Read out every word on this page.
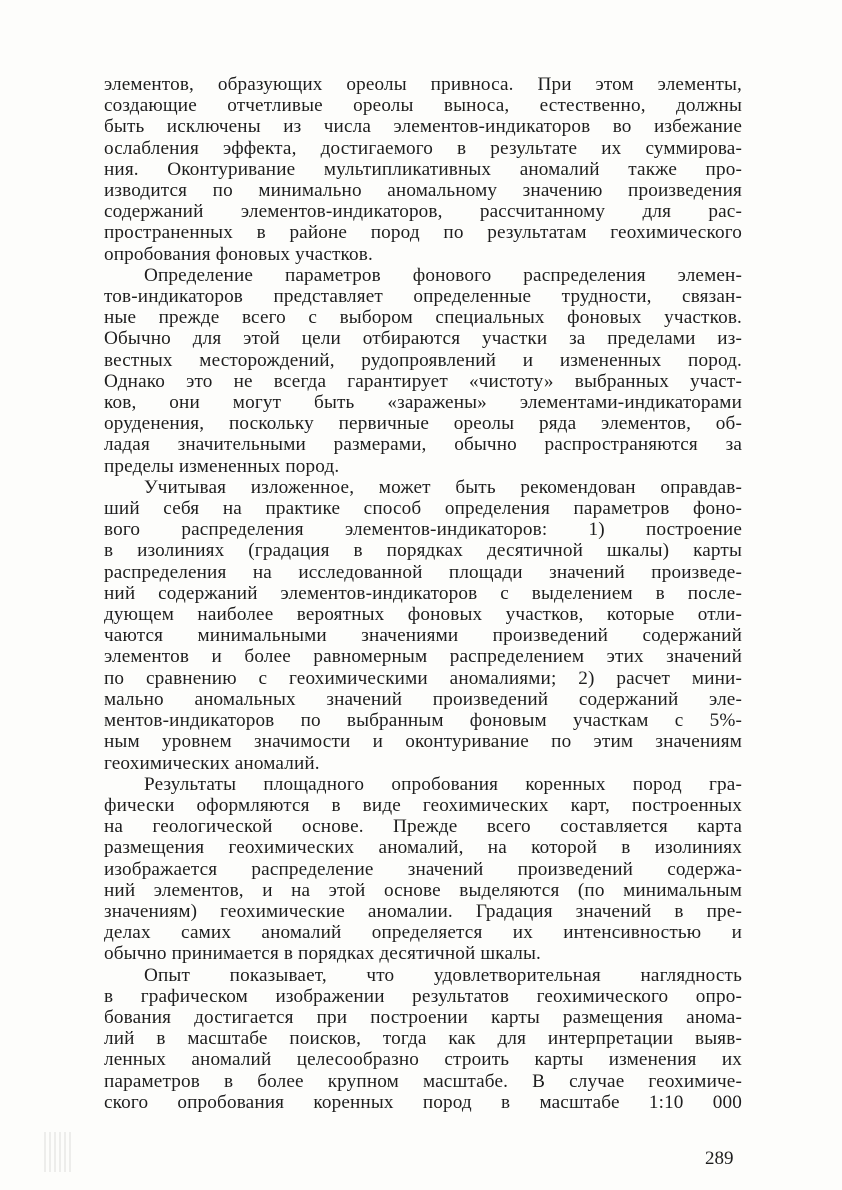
элементов, образующих ореолы привноса. При этом элементы,
создающие отчетливые ореолы выноса, естественно, должны
быть исключены из числа элементов-индикаторов во избежание
ослабления эффекта, достигаемого в результате их суммирова-
ния. Оконтуривание мультипликативных аномалий также про-
изводится по минимально аномальному значению произведения
содержаний элементов-индикаторов, рассчитанному для рас-
пространенных в районе пород по результатам геохимического
опробования фоновых участков.
Определение параметров фонового распределения элемен-
тов-индикаторов представляет определенные трудности, связан-
ные прежде всего с выбором специальных фоновых участков.
Обычно для этой цели отбираются участки за пределами из-
вестных месторождений, рудопроявлений и измененных пород.
Однако это не всегда гарантирует «чистоту» выбранных участ-
ков, они могут быть «заражены» элементами-индикаторами
оруденения, поскольку первичные ореолы ряда элементов, об-
ладая значительными размерами, обычно распространяются за
пределы измененных пород.
Учитывая изложенное, может быть рекомендован оправдав-
ший себя на практике способ определения параметров фоно-
вого распределения элементов-индикаторов: 1) построение
в изолиниях (градация в порядках десятичной шкалы) карты
распределения на исследованной площади значений произведе-
ний содержаний элементов-индикаторов с выделением в после-
дующем наиболее вероятных фоновых участков, которые отли-
чаются минимальными значениями произведений содержаний
элементов и более равномерным распределением этих значений
по сравнению с геохимическими аномалиями; 2) расчет мини-
мально аномальных значений произведений содержаний эле-
ментов-индикаторов по выбранным фоновым участкам с 5%-
ным уровнем значимости и оконтуривание по этим значениям
геохимических аномалий.
Результаты площадного опробования коренных пород гра-
фически оформляются в виде геохимических карт, построенных
на геологической основе. Прежде всего составляется карта
размещения геохимических аномалий, на которой в изолиниях
изображается распределение значений произведений содержа-
ний элементов, и на этой основе выделяются (по минимальным
значениям) геохимические аномалии. Градация значений в пре-
делах самих аномалий определяется их интенсивностью и
обычно принимается в порядках десятичной шкалы.
Опыт показывает, что удовлетворительная наглядность
в графическом изображении результатов геохимического опро-
бования достигается при построении карты размещения анома-
лий в масштабе поисков, тогда как для интерпретации выяв-
ленных аномалий целесообразно строить карты изменения их
параметров в более крупном масштабе. В случае геохимиче-
ского опробования коренных пород в масштабе 1:10 000
289
